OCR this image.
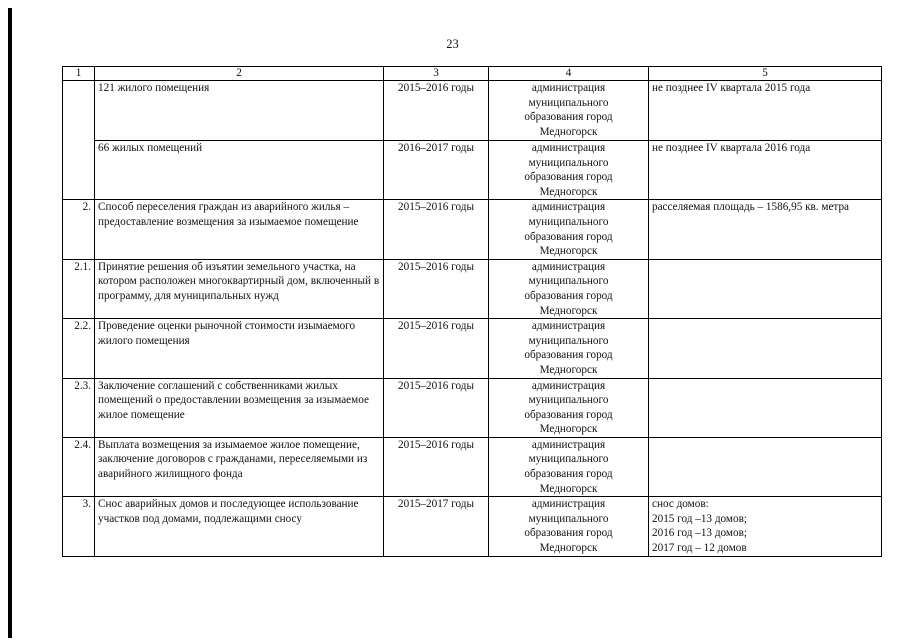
23
1	2	3	4	5
	121 жилого помещения	2015–2016 годы	администрация
муниципального
образования город
Медногорск	не позднее IV квартала 2015 года
	66 жилых помещений	2016–2017 годы	администрация
муниципального
образования город
Медногорск	не позднее IV квартала 2016 года
2.	Способ переселения граждан из аварийного жилья – предоставление возмещения за изымаемое помещение	2015–2016 годы	администрация
муниципального
образования город
Медногорск	расселяемая площадь – 1586,95 кв. метра
2.1.	Принятие решения об изъятии земельного участка, на котором расположен многоквартирный дом, включенный в программу, для муниципальных нужд	2015–2016 годы	администрация
муниципального
образования город
Медногорск	
2.2.	Проведение оценки рыночной стоимости изымаемого жилого помещения	2015–2016 годы	администрация
муниципального
образования город
Медногорск	
2.3.	Заключение соглашений с собственниками жилых помещений о предоставлении возмещения за изымаемое жилое помещение	2015–2016 годы	администрация
муниципального
образования город
Медногорск	
2.4.	Выплата возмещения за изымаемое жилое помещение, заключение договоров с гражданами, переселяемыми из аварийного жилищного фонда	2015–2016 годы	администрация
муниципального
образования город
Медногорск	
3.	Снос аварийных домов и последующее использование участков под домами, подлежащими сносу	2015–2017 годы	администрация
муниципального
образования город
Медногорск	снос домов:
2015 год –13 домов;
2016 год –13 домов;
2017 год – 12 домов
